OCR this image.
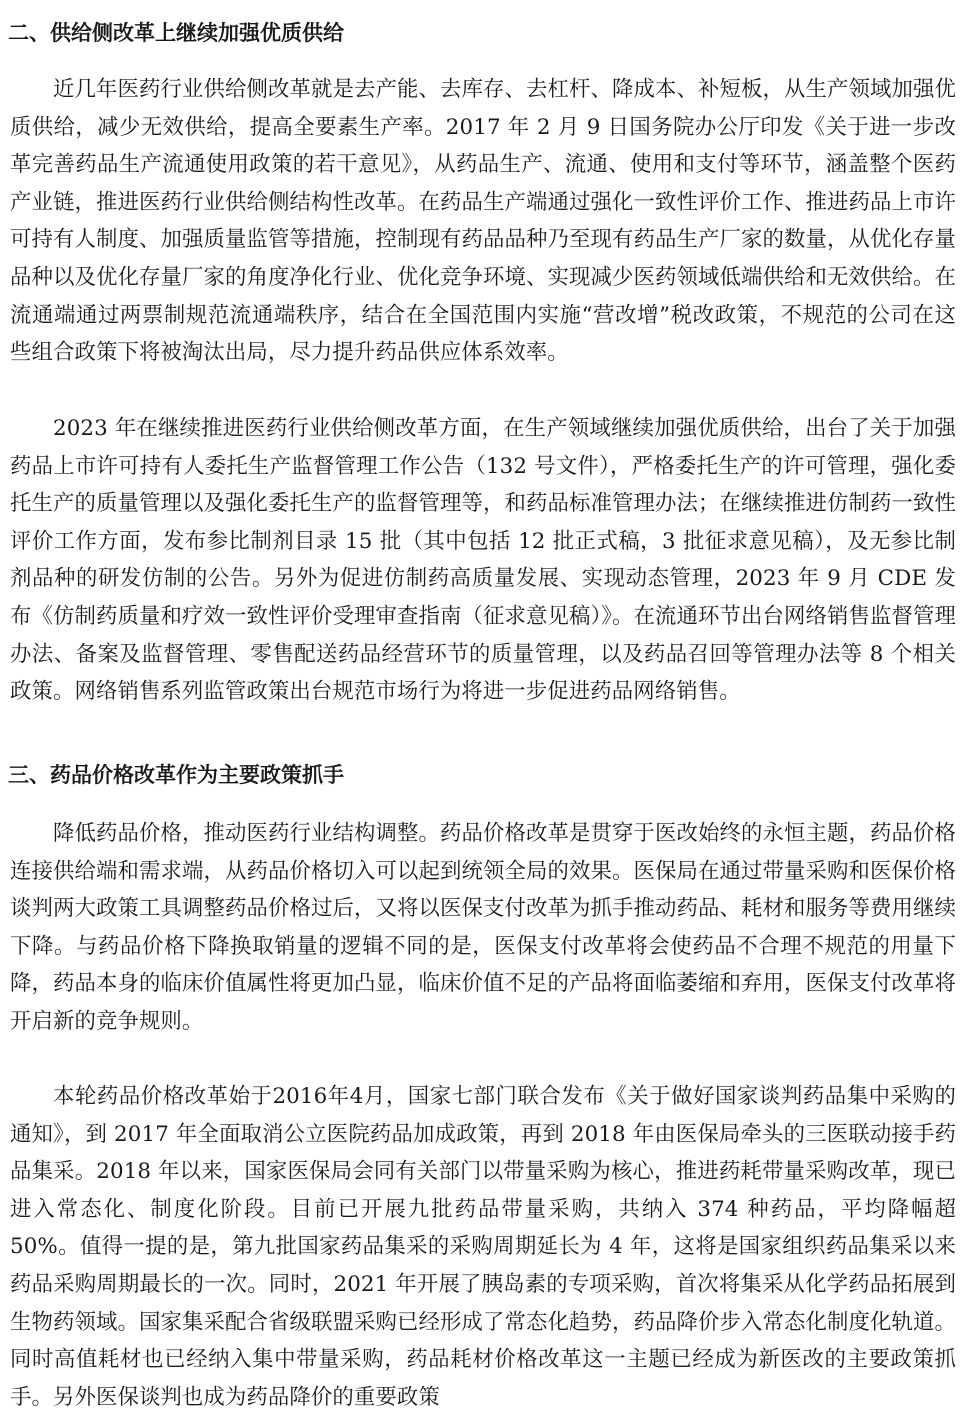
二、供给侧改革上继续加强优质供给

近几年医药行业供给侧改革就是去产能、去库存、去杠杆、降成本、补短板，从生产领域加强优质供给，减少无效供给，提高全要素生产率。2017 年 2 月 9 日国务院办公厅印发《关于进一步改革完善药品生产流通使用政策的若干意见》，从药品生产、流通、使用和支付等环节，涵盖整个医药产业链，推进医药行业供给侧结构性改革。在药品生产端通过强化一致性评价工作、推进药品上市许可持有人制度、加强质量监管等措施，控制现有药品品种乃至现有药品生产厂家的数量，从优化存量品种以及优化存量厂家的角度净化行业、优化竞争环境、实现减少医药领域低端供给和无效供给。在流通端通过两票制规范流通端秩序，结合在全国范围内实施“营改增”税改政策，不规范的公司在这些组合政策下将被淘汰出局，尽力提升药品供应体系效率。

2023 年在继续推进医药行业供给侧改革方面，在生产领域继续加强优质供给，出台了关于加强药品上市许可持有人委托生产监督管理工作公告（132 号文件），严格委托生产的许可管理，强化委托生产的质量管理以及强化委托生产的监督管理等，和药品标准管理办法；在继续推进仿制药一致性评价工作方面，发布参比制剂目录 15 批（其中包括 12 批正式稿，3 批征求意见稿），及无参比制剂品种的研发仿制的公告。另外为促进仿制药高质量发展、实现动态管理，2023 年 9 月 CDE 发布《仿制药质量和疗效一致性评价受理审查指南（征求意见稿）》。在流通环节出台网络销售监督管理办法、备案及监督管理、零售配送药品经营环节的质量管理，以及药品召回等管理办法等 8 个相关政策。网络销售系列监管政策出台规范市场行为将进一步促进药品网络销售。

三、药品价格改革作为主要政策抓手

降低药品价格，推动医药行业结构调整。药品价格改革是贯穿于医改始终的永恒主题，药品价格连接供给端和需求端，从药品价格切入可以起到统领全局的效果。医保局在通过带量采购和医保价格谈判两大政策工具调整药品价格过后，又将以医保支付改革为抓手推动药品、耗材和服务等费用继续下降。与药品价格下降换取销量的逻辑不同的是，医保支付改革将会使药品不合理不规范的用量下降，药品本身的临床价值属性将更加凸显，临床价值不足的产品将面临萎缩和弃用，医保支付改革将开启新的竞争规则。

本轮药品价格改革始于2016年4月，国家七部门联合发布《关于做好国家谈判药品集中采购的通知》，到 2017 年全面取消公立医院药品加成政策，再到 2018 年由医保局牵头的三医联动接手药品集采。2018 年以来，国家医保局会同有关部门以带量采购为核心，推进药耗带量采购改革，现已进入常态化、制度化阶段。目前已开展九批药品带量采购，共纳入 374 种药品，平均降幅超 50%。值得一提的是，第九批国家药品集采的采购周期延长为 4 年，这将是国家组织药品集采以来药品采购周期最长的一次。同时，2021 年开展了胰岛素的专项采购，首次将集采从化学药品拓展到生物药领域。国家集采配合省级联盟采购已经形成了常态化趋势，药品降价步入常态化制度化轨道。同时高值耗材也已经纳入集中带量采购，药品耗材价格改革这一主题已经成为新医改的主要政策抓手。另外医保谈判也成为药品降价的重要政策
